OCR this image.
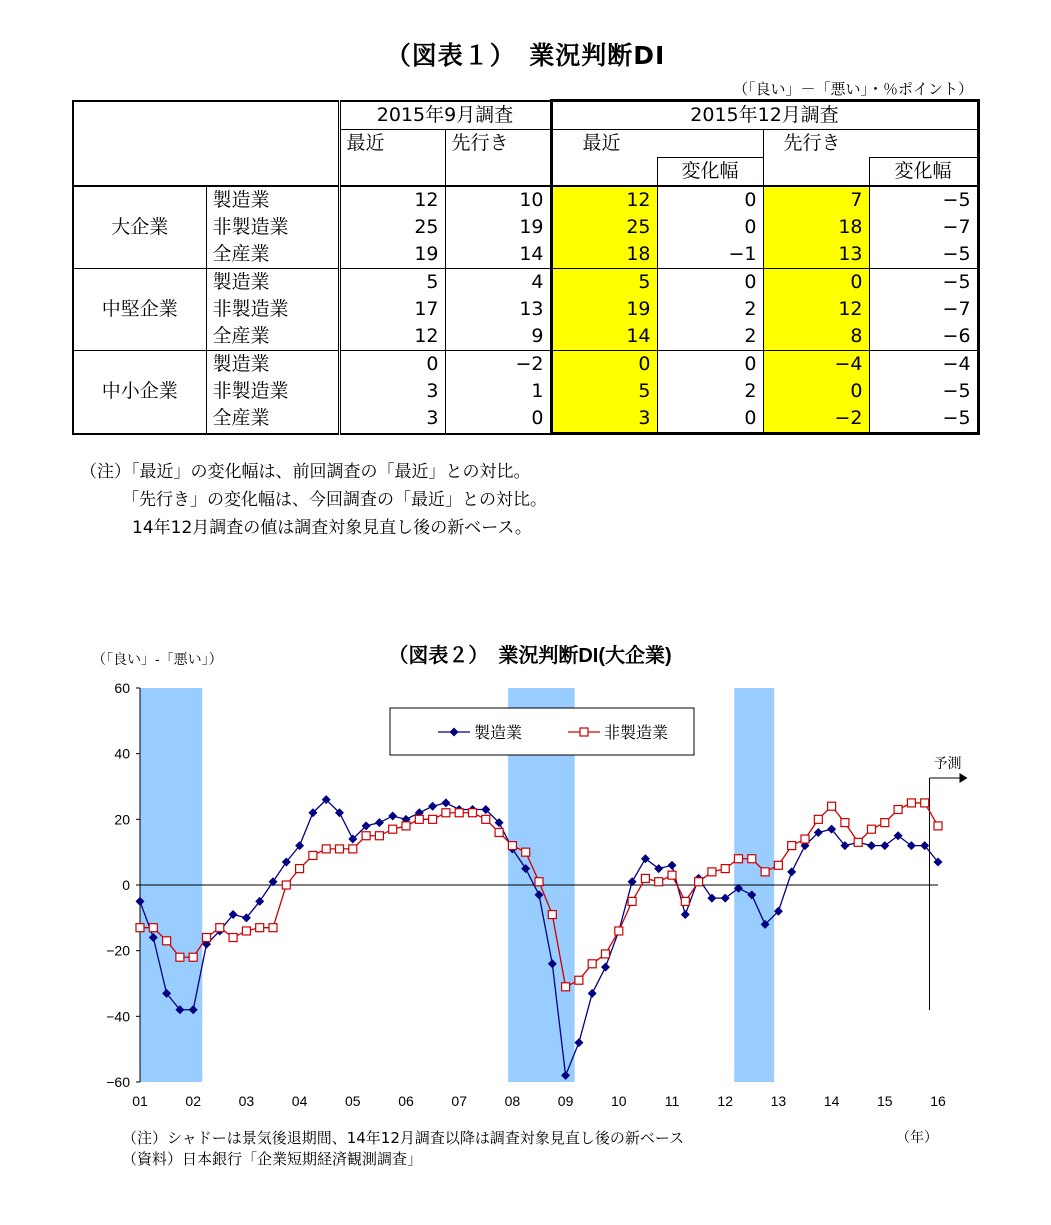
（図表１）　業況判断DI
（「良い」－「悪い」・％ポイント）
		2015年9月調査		2015年12月調査			
		最近	先行き	最近		先行き	
					変化幅		変化幅
大企業	製造業	12	10	12	0	7	−5
	非製造業	25	19	25	0	18	−7
	全産業	19	14	18	−1	13	−5
中堅企業	製造業	5	4	5	0	0	−5
	非製造業	17	13	19	2	12	−7
	全産業	12	9	14	2	8	−6
中小企業	製造業	0	−2	0	0	−4	−4
	非製造業	3	1	5	2	0	−5
	全産業	3	0	3	0	−2	−5
（注）「最近」の変化幅は、前回調査の「最近」との対比。
「先行き」の変化幅は、今回調査の「最近」との対比。
14年12月調査の値は調査対象見直し後の新ベース。
（図表２）　業況判断DI(大企業)
（「良い」-「悪い」）
60
40
20
0
−20
−40
−60
01	02	03	04	05	06	07	08	09	10	11	12	13	14	15	16
（年）
予測
製造業	非製造業
（注）シャドーは景気後退期間、14年12月調査以降は調査対象見直し後の新ベース
（資料）日本銀行「企業短期経済観測調査」
